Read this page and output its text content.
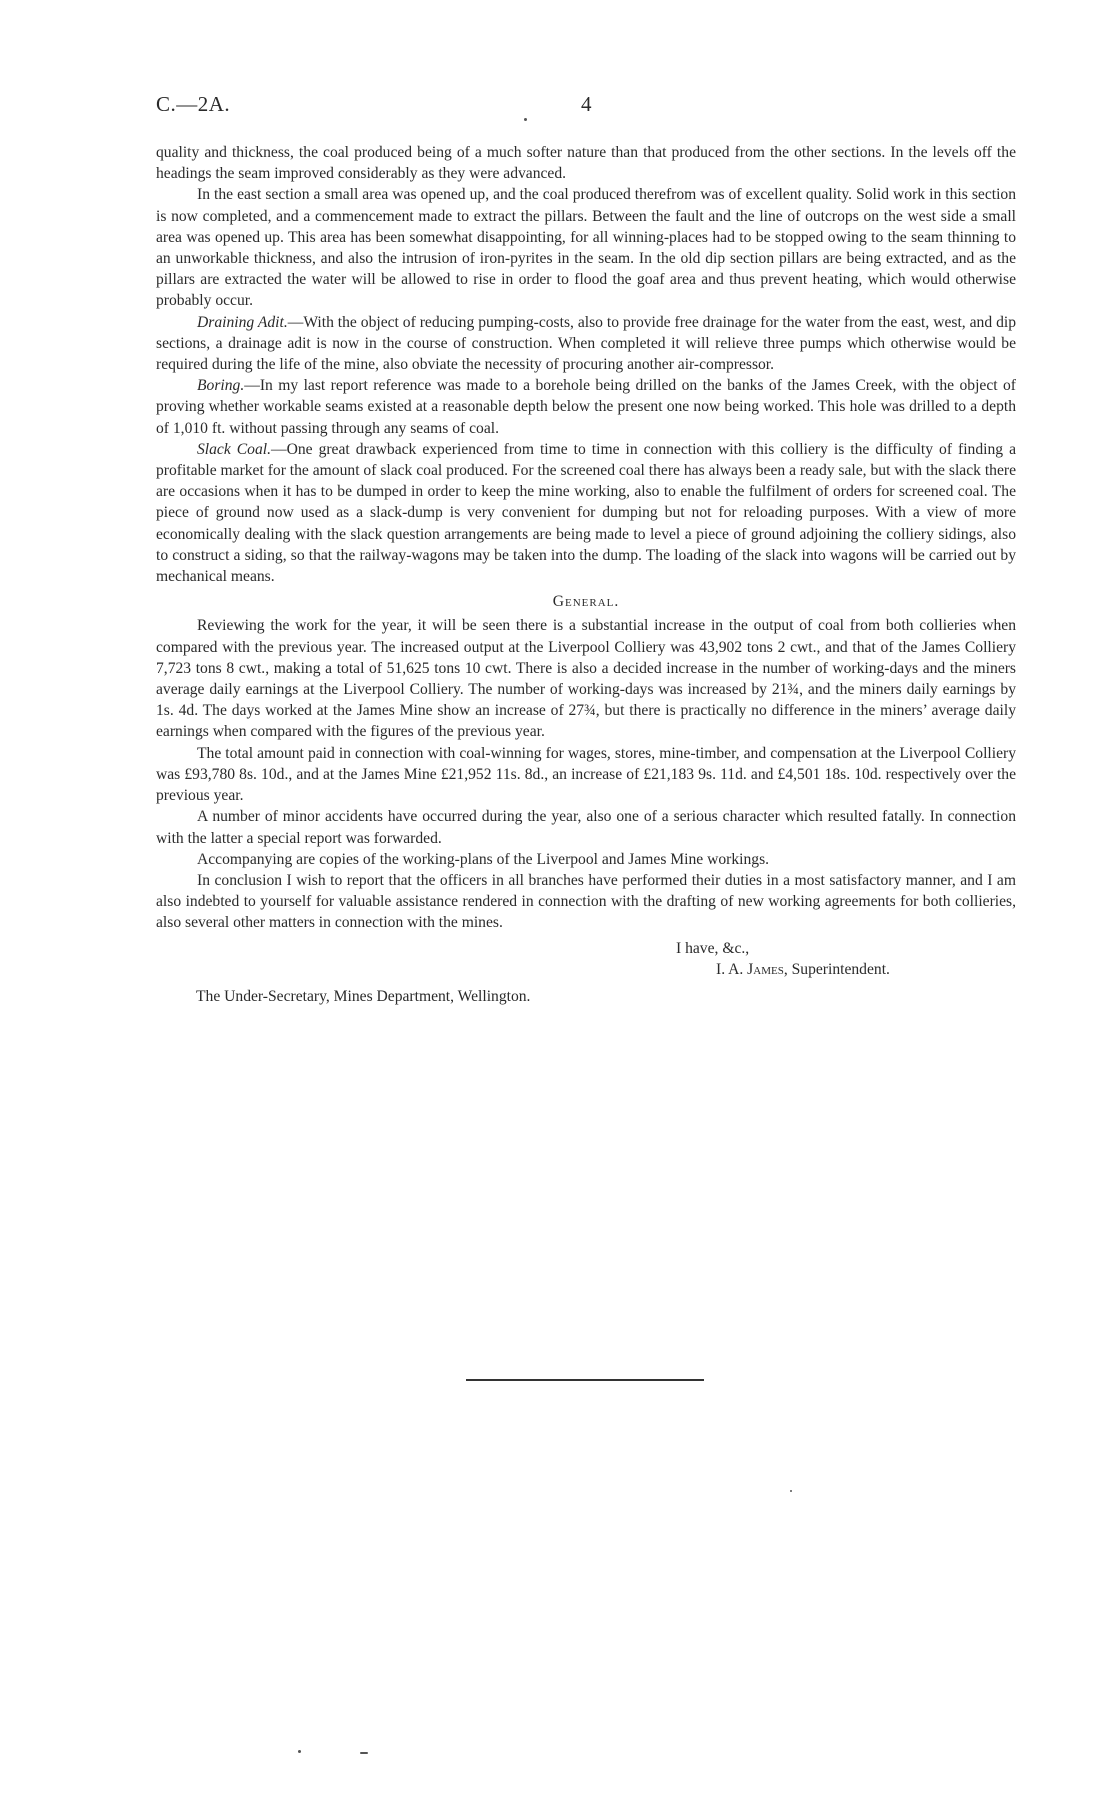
C.—2A.	4

quality and thickness, the coal produced being of a much softer nature than that produced from the other sections. In the levels off the headings the seam improved considerably as they were advanced.

In the east section a small area was opened up, and the coal produced therefrom was of excellent quality. Solid work in this section is now completed, and a commencement made to extract the pillars. Between the fault and the line of outcrops on the west side a small area was opened up. This area has been somewhat disappointing, for all winning-places had to be stopped owing to the seam thinning to an unworkable thickness, and also the intrusion of iron-pyrites in the seam. In the old dip section pillars are being extracted, and as the pillars are extracted the water will be allowed to rise in order to flood the goaf area and thus prevent heating, which would otherwise probably occur.

Draining Adit.—With the object of reducing pumping-costs, also to provide free drainage for the water from the east, west, and dip sections, a drainage adit is now in the course of construction. When completed it will relieve three pumps which otherwise would be required during the life of the mine, also obviate the necessity of procuring another air-compressor.

Boring.—In my last report reference was made to a borehole being drilled on the banks of the James Creek, with the object of proving whether workable seams existed at a reasonable depth below the present one now being worked. This hole was drilled to a depth of 1,010 ft. without passing through any seams of coal.

Slack Coal.—One great drawback experienced from time to time in connection with this colliery is the difficulty of finding a profitable market for the amount of slack coal produced. For the screened coal there has always been a ready sale, but with the slack there are occasions when it has to be dumped in order to keep the mine working, also to enable the fulfilment of orders for screened coal. The piece of ground now used as a slack-dump is very convenient for dumping but not for reloading purposes. With a view of more economically dealing with the slack question arrangements are being made to level a piece of ground adjoining the colliery sidings, also to construct a siding, so that the railway-wagons may be taken into the dump. The loading of the slack into wagons will be carried out by mechanical means.

General.

Reviewing the work for the year, it will be seen there is a substantial increase in the output of coal from both collieries when compared with the previous year. The increased output at the Liverpool Colliery was 43,902 tons 2 cwt., and that of the James Colliery 7,723 tons 8 cwt., making a total of 51,625 tons 10 cwt. There is also a decided increase in the number of working-days and the miners average daily earnings at the Liverpool Colliery. The number of working-days was increased by 21¾, and the miners daily earnings by 1s. 4d. The days worked at the James Mine show an increase of 27¾, but there is practically no difference in the miners’ average daily earnings when compared with the figures of the previous year.

The total amount paid in connection with coal-winning for wages, stores, mine-timber, and compensation at the Liverpool Colliery was £93,780 8s. 10d., and at the James Mine £21,952 11s. 8d., an increase of £21,183 9s. 11d. and £4,501 18s. 10d. respectively over the previous year.

A number of minor accidents have occurred during the year, also one of a serious character which resulted fatally. In connection with the latter a special report was forwarded.

Accompanying are copies of the working-plans of the Liverpool and James Mine workings.

In conclusion I wish to report that the officers in all branches have performed their duties in a most satisfactory manner, and I am also indebted to yourself for valuable assistance rendered in connection with the drafting of new working agreements for both collieries, also several other matters in connection with the mines.

I have, &c.,
I. A. James, Superintendent.
The Under-Secretary, Mines Department, Wellington.
